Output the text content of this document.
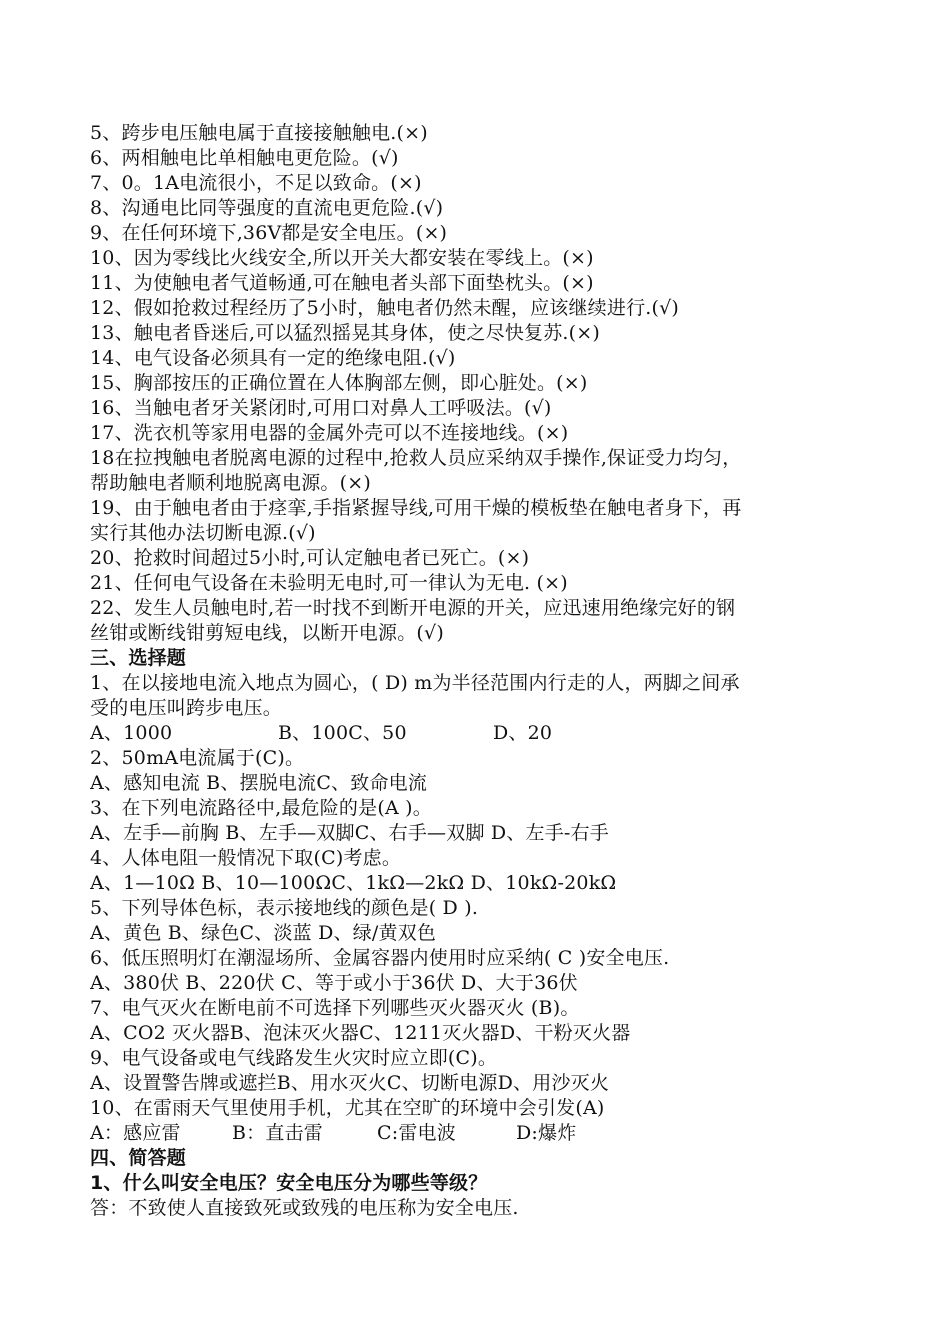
5、跨步电压触电属于直接接触触电.(×)
6、两相触电比单相触电更危险。(√)
7、0。1A电流很小，不足以致命。(×)
8、沟通电比同等强度的直流电更危险.(√)
9、在任何环境下,36V都是安全电压。(×)
10、因为零线比火线安全,所以开关大都安装在零线上。(×)
11、为使触电者气道畅通,可在触电者头部下面垫枕头。(×)
12、假如抢救过程经历了5小时，触电者仍然未醒，应该继续进行.(√)
13、触电者昏迷后,可以猛烈摇晃其身体，使之尽快复苏.(×)
14、电气设备必须具有一定的绝缘电阻.(√)
15、胸部按压的正确位置在人体胸部左侧，即心脏处。(×)
16、当触电者牙关紧闭时,可用口对鼻人工呼吸法。(√)
17、洗衣机等家用电器的金属外壳可以不连接地线。(×)
18在拉拽触电者脱离电源的过程中,抢救人员应采纳双手操作,保证受力均匀，
帮助触电者顺利地脱离电源。(×)
19、由于触电者由于痉挛,手指紧握导线,可用干燥的模板垫在触电者身下，再
实行其他办法切断电源.(√)
20、抢救时间超过5小时,可认定触电者已死亡。(×)
21、任何电气设备在未验明无电时,可一律认为无电. (×)
22、发生人员触电时,若一时找不到断开电源的开关，应迅速用绝缘完好的钢
丝钳或断线钳剪短电线，以断开电源。(√)
三、选择题
1、在以接地电流入地点为圆心，( D) m为半径范围内行走的人，两脚之间承
受的电压叫跨步电压。
A、1000	B、100C、50	D、20
2、50mA电流属于(C)。
A、感知电流 B、摆脱电流C、致命电流
3、在下列电流路径中,最危险的是(A )。
A、左手—前胸 B、左手—双脚C、右手—双脚 D、左手-右手
4、人体电阻一般情况下取(C)考虑。
A、1—10Ω B、10—100ΩC、1kΩ—2kΩ D、10kΩ-20kΩ
5、下列导体色标，表示接地线的颜色是( D ).
A、黄色 B、绿色C、淡蓝 D、绿/黄双色
6、低压照明灯在潮湿场所、金属容器内使用时应采纳( C )安全电压.
A、380伏 B、220伏 C、等于或小于36伏 D、大于36伏
7、电气灭火在断电前不可选择下列哪些灭火器灭火 (B)。
A、CO2 灭火器B、泡沫灭火器C、1211灭火器D、干粉灭火器
9、电气设备或电气线路发生火灾时应立即(C)。
A、设置警告牌或遮拦B、用水灭火C、切断电源D、用沙灭火
10、在雷雨天气里使用手机，尤其在空旷的环境中会引发(A)
A：感应雷	B：直击雷	C:雷电波	D:爆炸
四、简答题
1、什么叫安全电压？安全电压分为哪些等级？
答：不致使人直接致死或致残的电压称为安全电压.
